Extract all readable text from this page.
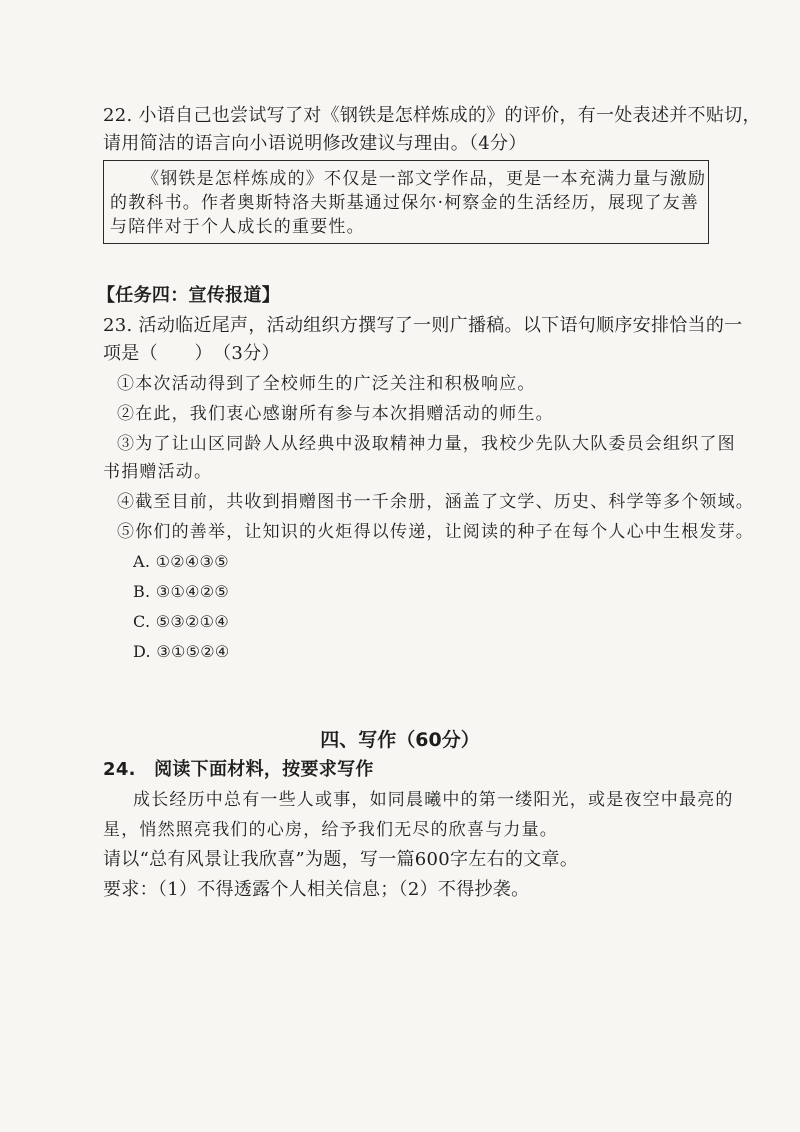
22. 小语自己也尝试写了对《钢铁是怎样炼成的》的评价，有一处表述并不贴切，
请用简洁的语言向小语说明修改建议与理由。（4分）
《钢铁是怎样炼成的》不仅是一部文学作品，更是一本充满力量与激励
的教科书。作者奥斯特洛夫斯基通过保尔·柯察金的生活经历，展现了友善
与陪伴对于个人成长的重要性。
【任务四：宣传报道】
23. 活动临近尾声，活动组织方撰写了一则广播稿。以下语句顺序安排恰当的一
项是（　　）　（3分）
①本次活动得到了全校师生的广泛关注和积极响应。
②在此，我们衷心感谢所有参与本次捐赠活动的师生。
③为了让山区同龄人从经典中汲取精神力量，我校少先队大队委员会组织了图
书捐赠活动。
④截至目前，共收到捐赠图书一千余册，涵盖了文学、历史、科学等多个领域。
⑤你们的善举，让知识的火炬得以传递，让阅读的种子在每个人心中生根发芽。
A. ①②④③⑤
B. ③①④②⑤
C. ⑤③②①④
D. ③①⑤②④
四、写作（60分）
24.　阅读下面材料，按要求写作
成长经历中总有一些人或事，如同晨曦中的第一缕阳光，或是夜空中最亮的
星，悄然照亮我们的心房，给予我们无尽的欣喜与力量。
请以“总有风景让我欣喜”为题，写一篇600字左右的文章。
要求：（1）不得透露个人相关信息；（2）不得抄袭。
